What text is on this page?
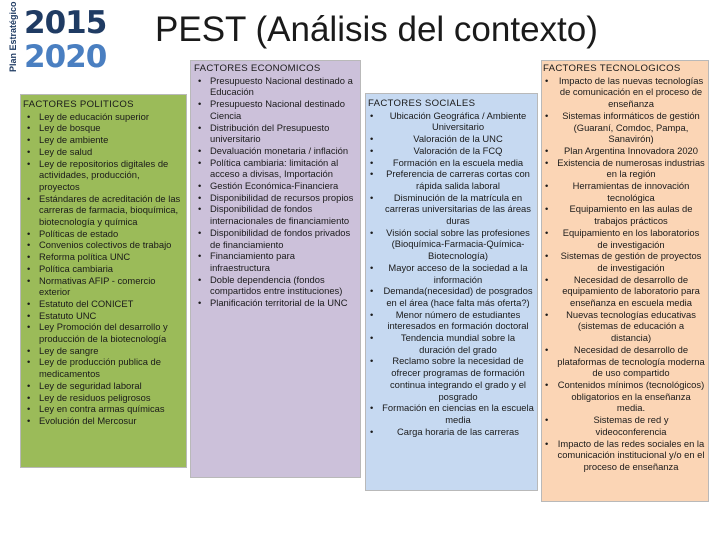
Plan Estratégico 2015
2020
PEST (Análisis del contexto)
FACTORES POLITICOS
• Ley de educación superior
• Ley de bosque
• Ley de ambiente
• Ley de salud
• Ley de repositorios digitales de actividades, producción, proyectos
• Estándares de acreditación de las carreras de farmacia, bioquímica, biotecnología y química
• Políticas de estado
• Convenios colectivos de trabajo
• Reforma política UNC
• Política cambiaria
• Normativas AFIP - comercio exterior
• Estatuto del CONICET
• Estatuto UNC
• Ley Promoción del desarrollo y producción de la biotecnología
• Ley de sangre
• Ley de producción publica de medicamentos
• Ley de seguridad laboral
• Ley de residuos peligrosos
• Ley en contra armas químicas
• Evolución del Mercosur
FACTORES ECONOMICOS
• Presupuesto Nacional destinado a Educación
• Presupuesto Nacional destinado Ciencia
• Distribución del Presupuesto universitario
• Devaluación monetaria / inflación
• Política cambiaria: limitación al acceso a divisas, Importación
• Gestión Económica-Financiera
• Disponibilidad de recursos propios
• Disponibilidad de fondos internacionales de financiamiento
• Disponibilidad de fondos privados de financiamiento
• Financiamiento para infraestructura
• Doble dependencia (fondos compartidos entre instituciones)
• Planificación territorial de la UNC
FACTORES SOCIALES
• Ubicación Geográfica / Ambiente Universitario
• Valoración de la UNC
• Valoración de la FCQ
• Formación en la escuela media
• Preferencia de carreras cortas con rápida salida laboral
• Disminución de la matrícula en carreras universitarias de las áreas duras
• Visión social sobre las profesiones (Bioquímica-Farmacia-Química-Biotecnología)
• Mayor acceso de la sociedad a la información
• Demanda(necesidad) de posgrados en el área (hace falta más oferta?)
• Menor número de estudiantes interesados en formación doctoral
• Tendencia mundial sobre la duración del grado
• Reclamo sobre la necesidad de ofrecer programas de formación continua integrando el grado y el posgrado
• Formación en ciencias en la escuela media
• Carga horaria de las carreras
FACTORES TECNOLOGICOS
• Impacto de las nuevas tecnologías de comunicación en el proceso de enseñanza
• Sistemas informáticos de gestión (Guaraní, Comdoc, Pampa, Sanavirón)
• Plan Argentina Innovadora 2020
• Existencia de numerosas industrias en la región
• Herramientas de innovación tecnológica
• Equipamiento en las aulas de trabajos prácticos
• Equipamiento en los laboratorios de investigación
• Sistemas de gestión de proyectos de investigación
• Necesidad de desarrollo de equipamiento de laboratorio para enseñanza en escuela media
• Nuevas tecnologías educativas (sistemas de educación a distancia)
• Necesidad de desarrollo de plataformas de tecnología moderna de uso compartido
• Contenidos mínimos (tecnológicos) obligatorios en la enseñanza media.
• Sistemas de red y videoconferencia
• Impacto de las redes sociales en la comunicación institucional y/o en el proceso de enseñanza
